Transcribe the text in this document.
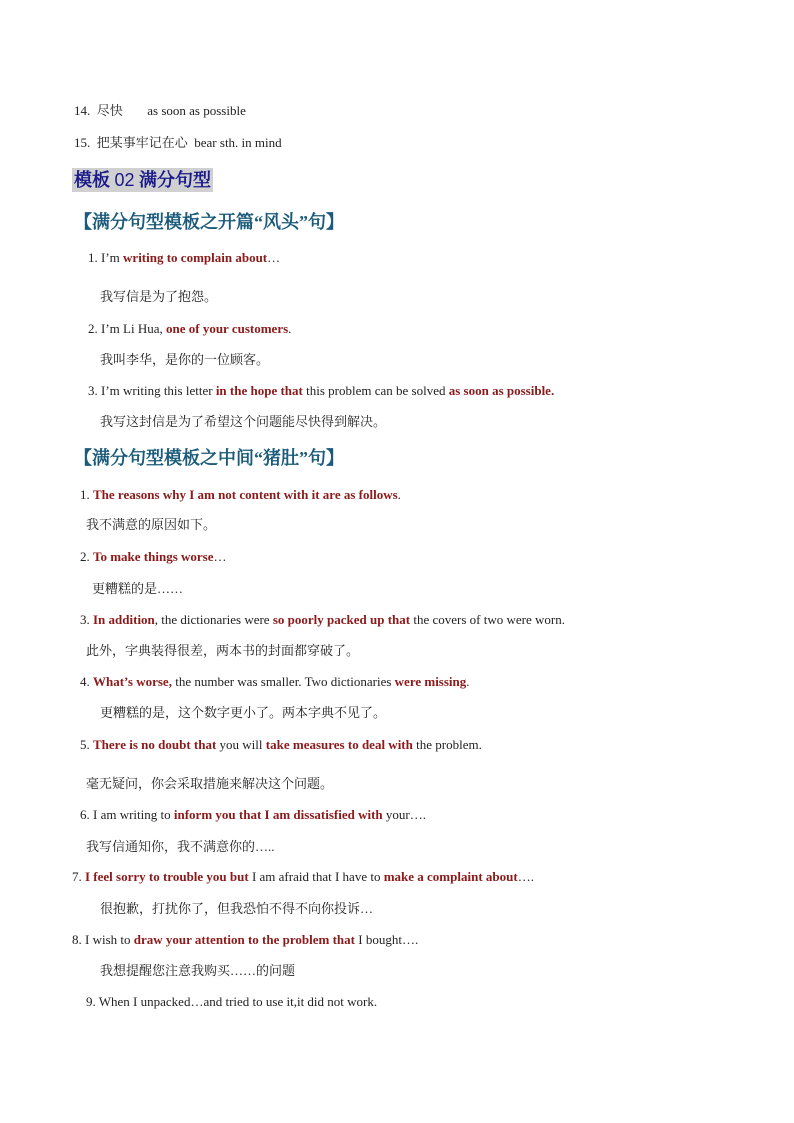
14. 尽快 as soon as possible
15. 把某事牢记在心 bear sth. in mind
模板 02 满分句型
【满分句型模板之开篇“风头”句】
1. I’m writing to complain about…
我写信是为了抱怨。
2. I’m Li Hua, one of your customers.
我叫李华，是你的一位顾客。
3. I’m writing this letter in the hope that this problem can be solved as soon as possible.
我写这封信是为了希望这个问题能尽快得到解决。
【满分句型模板之中间“猪肚”句】
1. The reasons why I am not content with it are as follows.
我不满意的原因如下。
2. To make things worse…
更糟糕的是……
3. In addition, the dictionaries were so poorly packed up that the covers of two were worn.
此外，字典装得很差，两本书的封面都穿破了。
4. What’s worse, the number was smaller. Two dictionaries were missing.
更糟糕的是，这个数字更小了。两本字典不见了。
5. There is no doubt that you will take measures to deal with the problem.
毫无疑问，你会采取措施来解决这个问题。
6. I am writing to inform you that I am dissatisfied with your….
我写信通知你，我不满意你的…..
7. I feel sorry to trouble you but I am afraid that I have to make a complaint about….
很抱歉，打扰你了，但我恐怕不得不向你投诉…
8. I wish to draw your attention to the problem that I bought….
我想提醒您注意我购买……的问题
9. When I unpacked…and tried to use it,it did not work.
